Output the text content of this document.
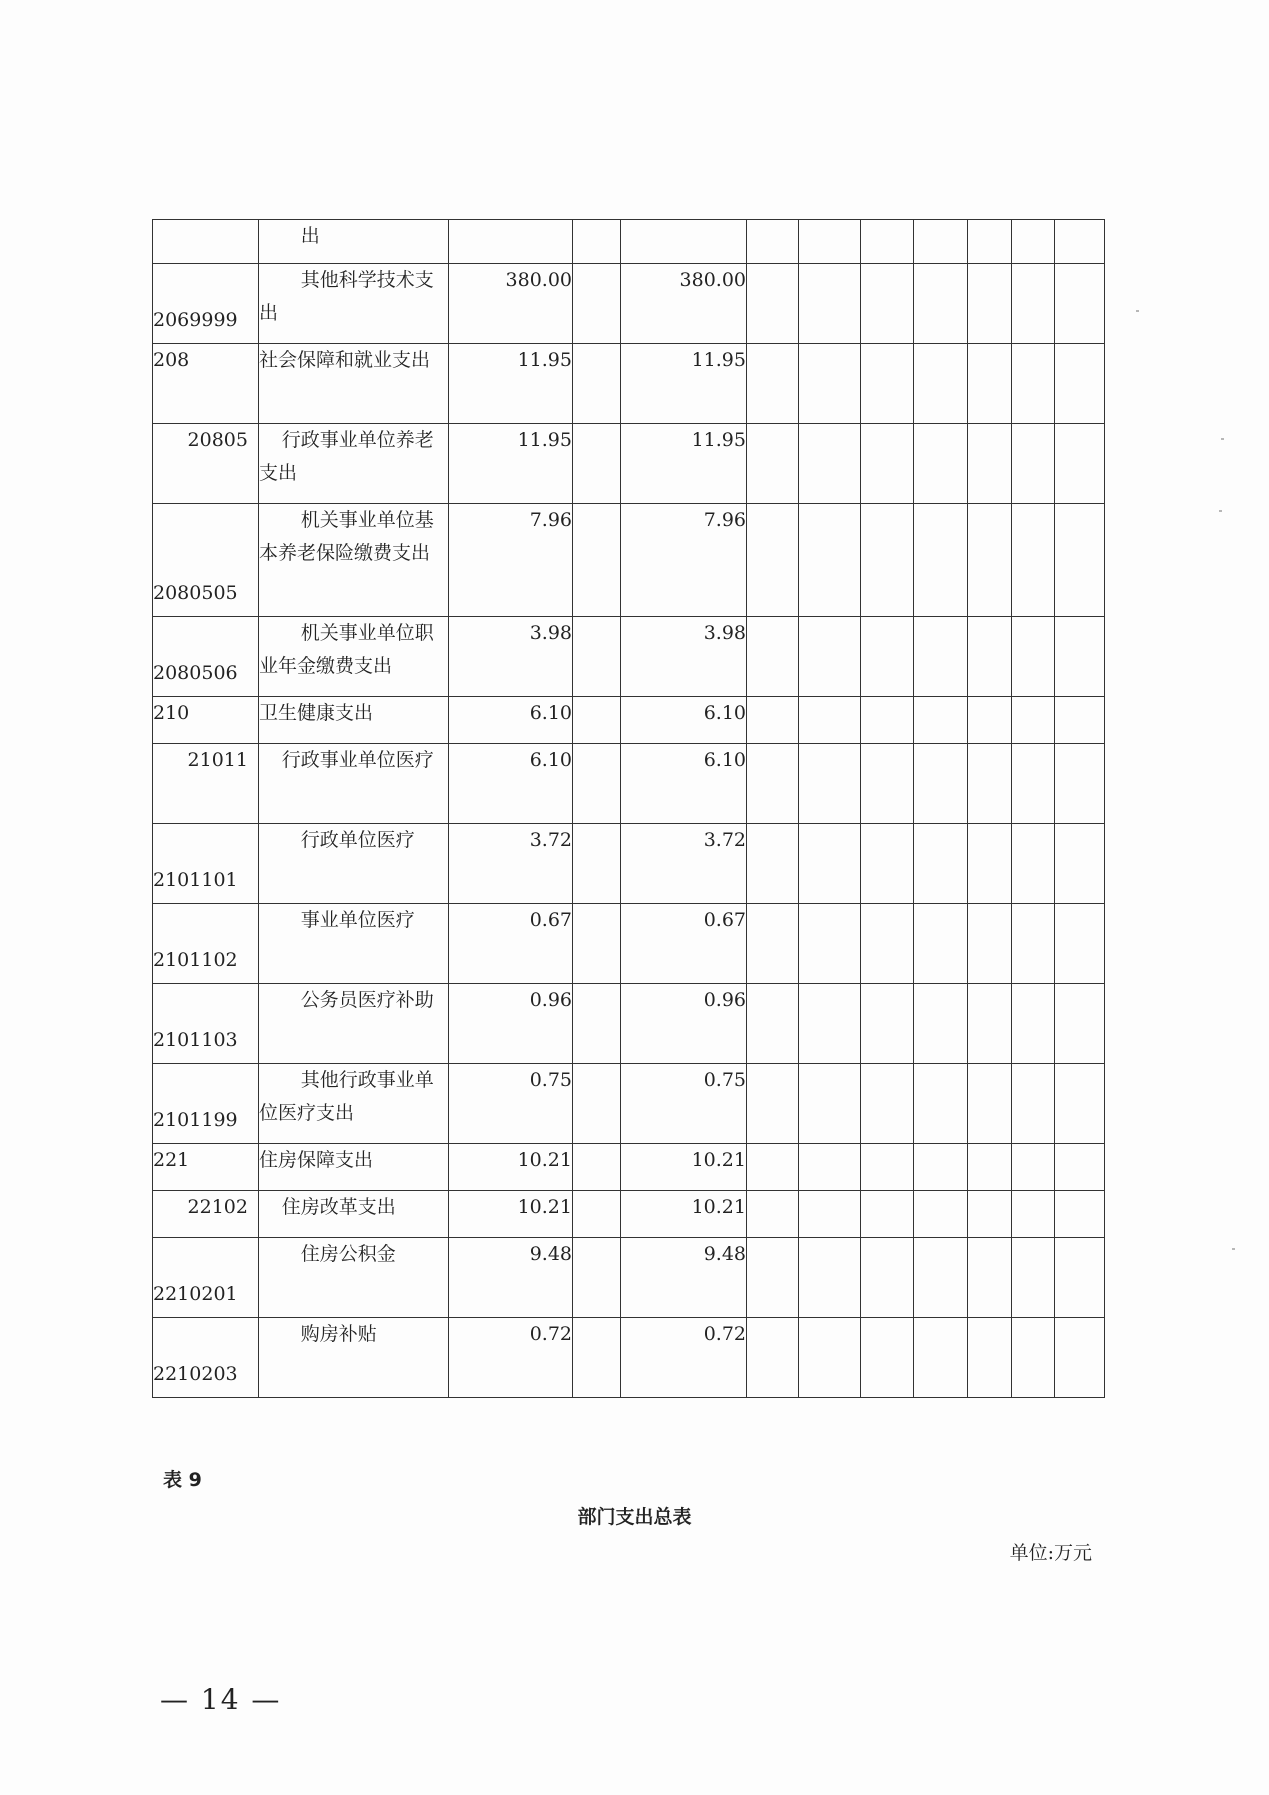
	出										

2069999	其他科学技术支出	380.00		380.00							

208	社会保障和就业支出	11.95		11.95							

20805	行政事业单位养老支出	11.95		11.95							

2080505	机关事业单位基本养老保险缴费支出	7.96		7.96							

2080506	机关事业单位职业年金缴费支出	3.98		3.98							

210	卫生健康支出	6.10		6.10							

21011	行政事业单位医疗	6.10		6.10							

2101101	行政单位医疗	3.72		3.72							

2101102	事业单位医疗	0.67		0.67							

2101103	公务员医疗补助	0.96		0.96							

2101199	其他行政事业单位医疗支出	0.75		0.75							

221	住房保障支出	10.21		10.21							

22102	住房改革支出	10.21		10.21							

2210201	住房公积金	9.48		9.48							

2210203	购房补贴	0.72		0.72							
表 9
部门支出总表
单位:万元
— 14 —
